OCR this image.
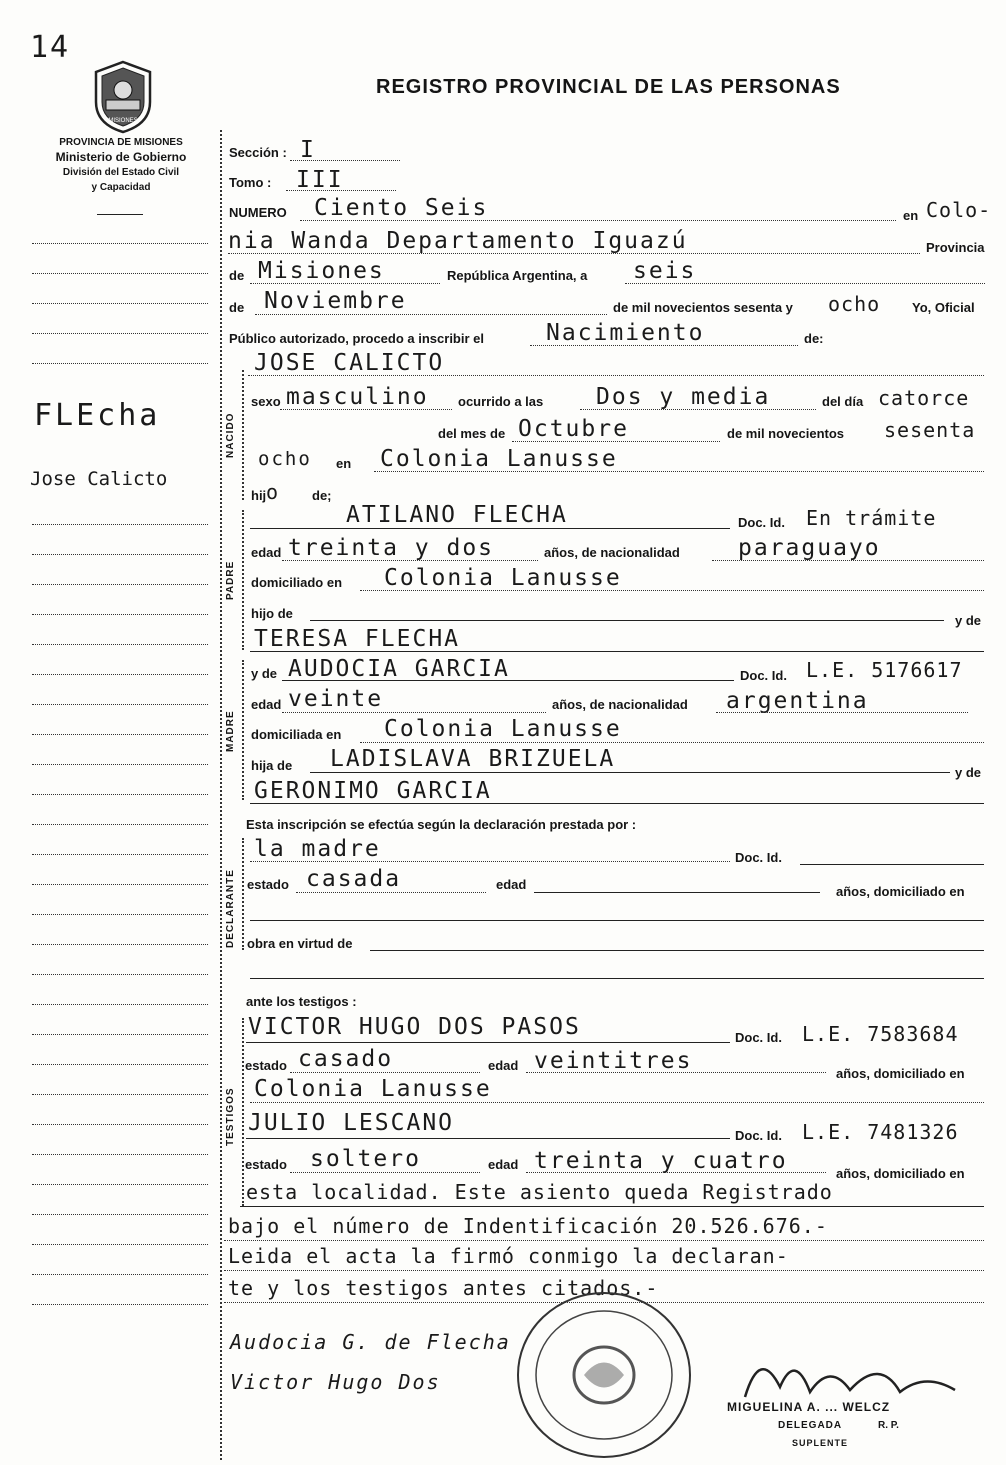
14
MISIONES
PROVINCIA DE MISIONES
Ministerio de Gobierno
División del Estado Civil
y Capacidad
REGISTRO PROVINCIAL DE LAS PERSONAS
FLEcha
Jose Calicto
Sección : I
Tomo : III
NUMERO Ciento Seis	en Colo-
nia Wanda Departamento Iguazú	Provincia
de Misiones	República Argentina, a seis
de Noviembre	de mil novecientos sesenta y ocho Yo, Oficial
Público autorizado, procedo a inscribir el	Nacimiento	de:
JOSE CALICTO
NACIDO
sexo masculino ocurrido a las Dos y media	del día catorce
del mes de Octubre	de mil novecientos sesenta
ocho en Colonia Lanusse
hij o	de;
PADRE
ATILANO FLECHA	Doc. Id. En trámite
edad treinta y dos	años, de nacionalidad	paraguayo
domiciliado en Colonia Lanusse
hijo de	y de
TERESA FLECHA
MADRE
y de AUDOCIA GARCIA	Doc. Id. L.E. 5176617
edad veinte	años, de nacionalidad argentina
domiciliada en Colonia Lanusse
hija de LADISLAVA BRIZUELA
y de
GERONIMO GARCIA
Esta inscripción se efectúa según la declaración prestada por :
DECLARANTE
la madre	Doc. Id.
estado casada	edad	años, domiciliado en
obra en virtud de
ante los testigos :
TESTIGOS
VICTOR HUGO DOS PASOS	Doc. Id. L.E. 7583684
estado casado	edad veintitres	años, domiciliado en
Colonia Lanusse
JULIO LESCANO	Doc. Id. L.E. 7481326
estado soltero	edad treinta y cuatro	años, domiciliado en
esta localidad. Este asiento queda Registrado
bajo el número de Indentificación 20.526.676.-
Leida el acta la firmó conmigo la declaran-
te y los testigos antes citados.-
Audocia G. de Flecha
Victor Hugo Dos
MIGUELINA A. ... WELCZ
DELEGADA	R. P.
SUPLENTE
